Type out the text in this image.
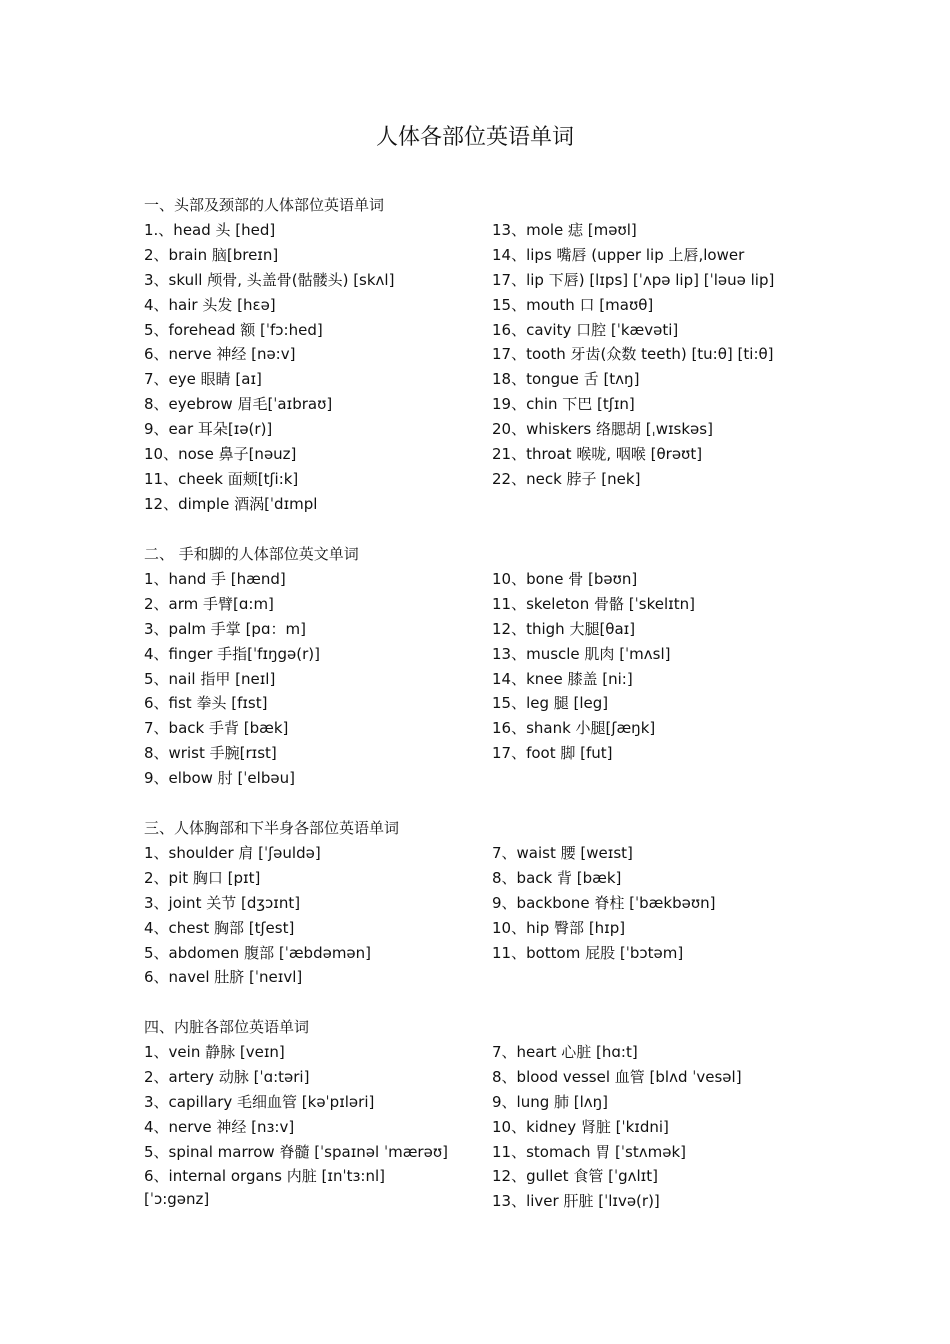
人体各部位英语单词
一、头部及颈部的人体部位英语单词
1.、head 头 [hed]
2、brain 脑[breɪn]
3、skull 颅骨, 头盖骨(骷髅头) [skʌl]
4、hair 头发 [hɛə]
5、forehead 额 [ˈfɔ:hed]
6、nerve 神经 [nə:v]
7、eye 眼睛 [aɪ]
8、eyebrow 眉毛[ˈaɪbraʊ]
9、ear 耳朵[ɪə(r)]
10、nose 鼻子[nəuz]
11、cheek 面颊[tʃi:k]
12、dimple 酒涡[ˈdɪmpl
13、mole 痣 [məʊl]
14、lips 嘴唇 (upper lip 上唇,lower
17、lip 下唇) [lɪps] [ˈʌpə lip] [ˈləuə lip]
15、mouth 口 [maʊθ]
16、cavity 口腔 [ˈkævəti]
17、tooth 牙齿(众数 teeth) [tu:θ] [ti:θ]
18、tongue 舌 [tʌŋ]
19、chin 下巴 [tʃɪn]
20、whiskers 络腮胡 [ˌwɪskəs]
21、throat 喉咙, 咽喉 [θrəʊt]
22、neck 脖子 [nek]
二、 手和脚的人体部位英文单词
1、hand 手 [hænd]
2、arm 手臂[ɑ:m]
3、palm 手掌 [pɑ：m]
4、finger 手指[ˈfɪŋgə(r)]
5、nail 指甲 [neɪl]
6、fist 拳头 [fɪst]
7、back 手背 [bæk]
8、wrist 手腕[rɪst]
9、elbow 肘 [ˈelbəu]
10、bone 骨 [bəʊn]
11、skeleton 骨骼 [ˈskelɪtn]
12、thigh 大腿[θaɪ]
13、muscle 肌肉 [ˈmʌsl]
14、knee 膝盖 [ni:]
15、leg 腿 [leg]
16、shank 小腿[ʃæŋk]
17、foot 脚 [fut]
三、人体胸部和下半身各部位英语单词
1、shoulder 肩 [ˈʃəuldə]
2、pit 胸口 [pɪt]
3、joint 关节 [dʒɔɪnt]
4、chest 胸部 [tʃest]
5、abdomen 腹部 [ˈæbdəmən]
6、navel 肚脐 [ˈneɪvl]
7、waist 腰 [weɪst]
8、back 背 [bæk]
9、backbone 脊柱 [ˈbækbəʊn]
10、hip 臀部 [hɪp]
11、bottom 屁股 [ˈbɔtəm]
四、内脏各部位英语单词
1、vein 静脉 [veɪn]
2、artery 动脉 [ˈɑ:təri]
3、capillary 毛细血管 [kəˈpɪləri]
4、nerve 神经 [nɜ:v]
5、spinal marrow 脊髓 [ˈspaɪnəl ˈmærəʊ]
6、internal organs 内脏 [ɪnˈtɜ:nl]
[ˈɔ:gənz]
7、heart 心脏 [hɑ:t]
8、blood vessel 血管 [blʌd ˈvesəl]
9、lung 肺 [lʌŋ]
10、kidney 肾脏 [ˈkɪdni]
11、stomach 胃 [ˈstʌmək]
12、gullet 食管 [ˈgʌlɪt]
13、liver 肝脏 [ˈlɪvə(r)]
